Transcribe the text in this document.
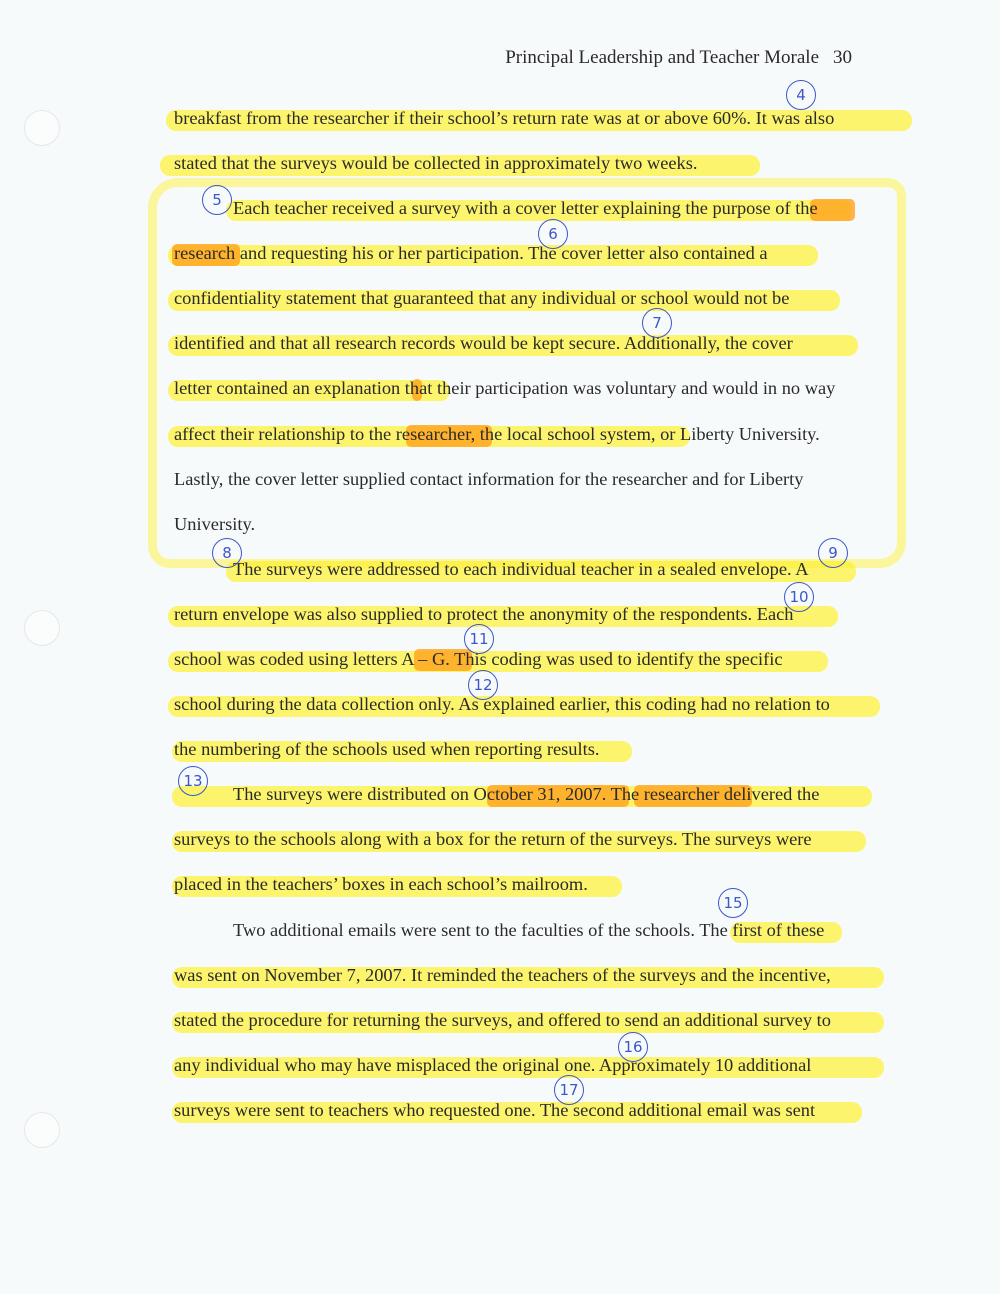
Principal Leadership and Teacher Morale 30
breakfast from the researcher if their school’s return rate was at or above 60%. It was also
stated that the surveys would be collected in approximately two weeks.
Each teacher received a survey with a cover letter explaining the purpose of the
research and requesting his or her participation. The cover letter also contained a
confidentiality statement that guaranteed that any individual or school would not be
identified and that all research records would be kept secure. Additionally, the cover
letter contained an explanation that their participation was voluntary and would in no way
affect their relationship to the researcher, the local school system, or Liberty University.
Lastly, the cover letter supplied contact information for the researcher and for Liberty
University.
The surveys were addressed to each individual teacher in a sealed envelope. A
return envelope was also supplied to protect the anonymity of the respondents. Each
school was coded using letters A – G. This coding was used to identify the specific
school during the data collection only. As explained earlier, this coding had no relation to
the numbering of the schools used when reporting results.
The surveys were distributed on October 31, 2007. The researcher delivered the
surveys to the schools along with a box for the return of the surveys. The surveys were
placed in the teachers’ boxes in each school’s mailroom.
Two additional emails were sent to the faculties of the schools. The first of these
was sent on November 7, 2007. It reminded the teachers of the surveys and the incentive,
stated the procedure for returning the surveys, and offered to send an additional survey to
any individual who may have misplaced the original one. Approximately 10 additional
surveys were sent to teachers who requested one. The second additional email was sent
4
5
6
7
8	9
10
11
12
13
15
16
17
